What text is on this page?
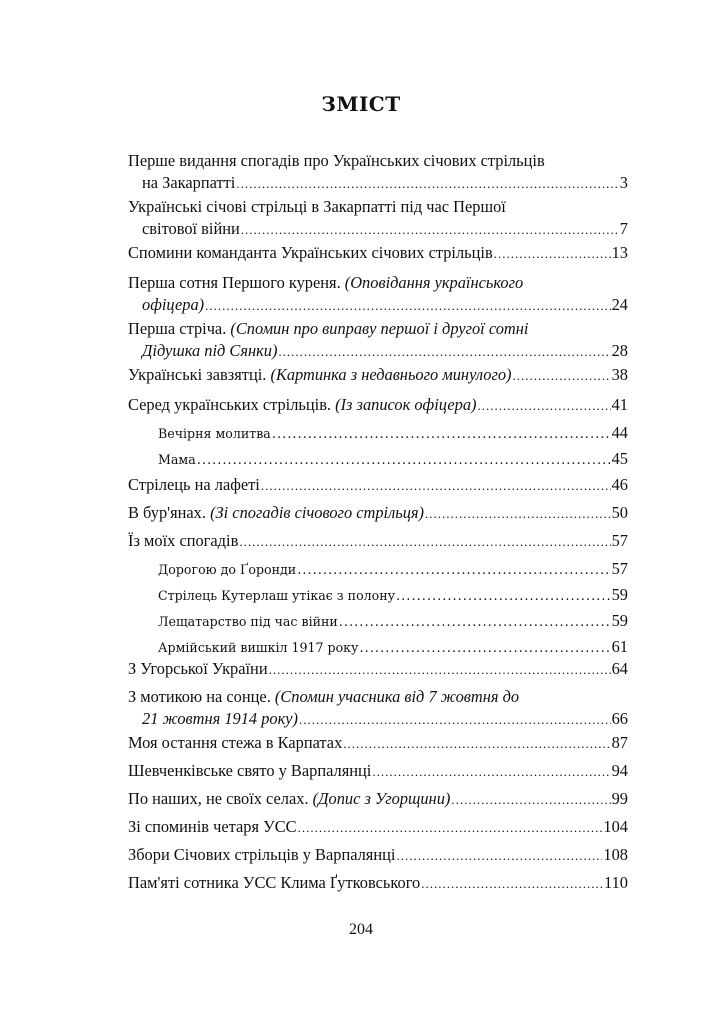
ЗМІСТ
Перше видання спогадів про Українських січових стрільців
на Закарпатті .....	3
Українські січові стрільці в Закарпатті під час Першої
світової війни .....	7
Спомини команданта Українських січових стрільців .....	13
Перша сотня Першого куреня. (Оповідання українського
офіцера) .....	24
Перша стріча. (Спомин про виправу першої і другої сотні
Дідушка під Сянки) .....	28
Українські завзятці. (Картинка з недавнього минулого) .....	38
Серед українських стрільців. (Із записок офіцера) .....	41
Вечірня молитва .....	44
Мама .....	45
Стрілець на лафеті .....	46
В бур'янах. (Зі спогадів січового стрільця) .....	50
Їз моїх спогадів .....	57
Дорогою до Ґоронди .....	57
Стрілець Кутерлаш утікає з полону .....	59
Лещатарство під час війни .....	59
Армійський вишкіл 1917 року .....	61
З Угорської України .....	64
З мотикою на сонце. (Спомин учасника від 7 жовтня до
21 жовтня 1914 року) .....	66
Моя остання стежа в Карпатах .....	87
Шевченківське свято у Варпалянці .....	94
По наших, не своїх селах. (Допис з Угорщини) .....	99
Зі споминів четаря УСС .....	104
Збори Січових стрільців у Варпалянці .....	108
Пам'яті сотника УСС Клима Ґутковського .....	110
204
